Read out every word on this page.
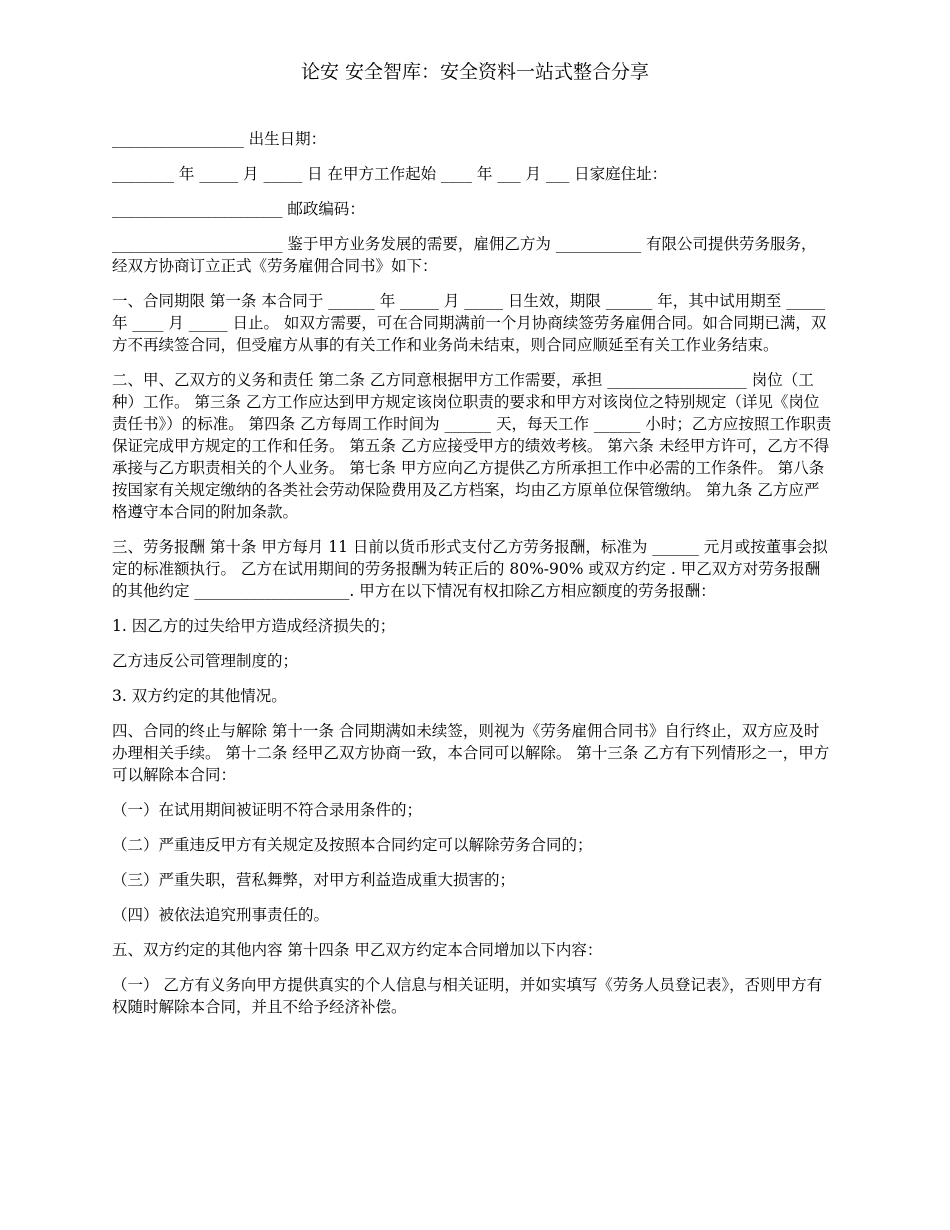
论安 安全智库：安全资料一站式整合分享

_________________ 出生日期：

________ 年 _____ 月 _____ 日 在甲方工作起始 ____ 年 ___ 月 ___ 日家庭住址：

______________________ 邮政编码：

______________________ 鉴于甲方业务发展的需要，雇佣乙方为 ___________ 有限公司提供劳务服务，经双方协商订立正式《劳务雇佣合同书》如下：

一、合同期限 第一条 本合同于 ______ 年 _____ 月 _____ 日生效，期限 ______ 年，其中试用期至 _____ 年 ____ 月 _____ 日止。 如双方需要，可在合同期满前一个月协商续签劳务雇佣合同。如合同期已满，双方不再续签合同，但受雇方从事的有关工作和业务尚未结束，则合同应顺延至有关工作业务结束。

二、甲、乙双方的义务和责任 第二条 乙方同意根据甲方工作需要，承担 __________________ 岗位（工种）工作。 第三条 乙方工作应达到甲方规定该岗位职责的要求和甲方对该岗位之特别规定（详见《岗位责任书》）的标准。 第四条 乙方每周工作时间为 ______ 天，每天工作 ______ 小时；乙方应按照工作职责保证完成甲方规定的工作和任务。 第五条 乙方应接受甲方的绩效考核。 第六条 未经甲方许可，乙方不得承接与乙方职责相关的个人业务。 第七条 甲方应向乙方提供乙方所承担工作中必需的工作条件。 第八条 按国家有关规定缴纳的各类社会劳动保险费用及乙方档案，均由乙方原单位保管缴纳。 第九条 乙方应严格遵守本合同的附加条款。

三、劳务报酬 第十条 甲方每月 11 日前以货币形式支付乙方劳务报酬，标准为 ______ 元月或按董事会拟定的标准额执行。 乙方在试用期间的劳务报酬为转正后的 80%-90% 或双方约定 . 甲乙双方对劳务报酬的其他约定 ____________________. 甲方在以下情况有权扣除乙方相应额度的劳务报酬：

1. 因乙方的过失给甲方造成经济损失的；

乙方违反公司管理制度的；

3. 双方约定的其他情况。

四、合同的终止与解除 第十一条 合同期满如未续签，则视为《劳务雇佣合同书》自行终止，双方应及时办理相关手续。 第十二条 经甲乙双方协商一致，本合同可以解除。 第十三条 乙方有下列情形之一，甲方可以解除本合同：

（一）在试用期间被证明不符合录用条件的；

（二）严重违反甲方有关规定及按照本合同约定可以解除劳务合同的；

（三）严重失职，营私舞弊，对甲方利益造成重大损害的；

（四）被依法追究刑事责任的。

五、双方约定的其他内容 第十四条 甲乙双方约定本合同增加以下内容：

（一） 乙方有义务向甲方提供真实的个人信息与相关证明，并如实填写《劳务人员登记表》，否则甲方有权随时解除本合同，并且不给予经济补偿。
